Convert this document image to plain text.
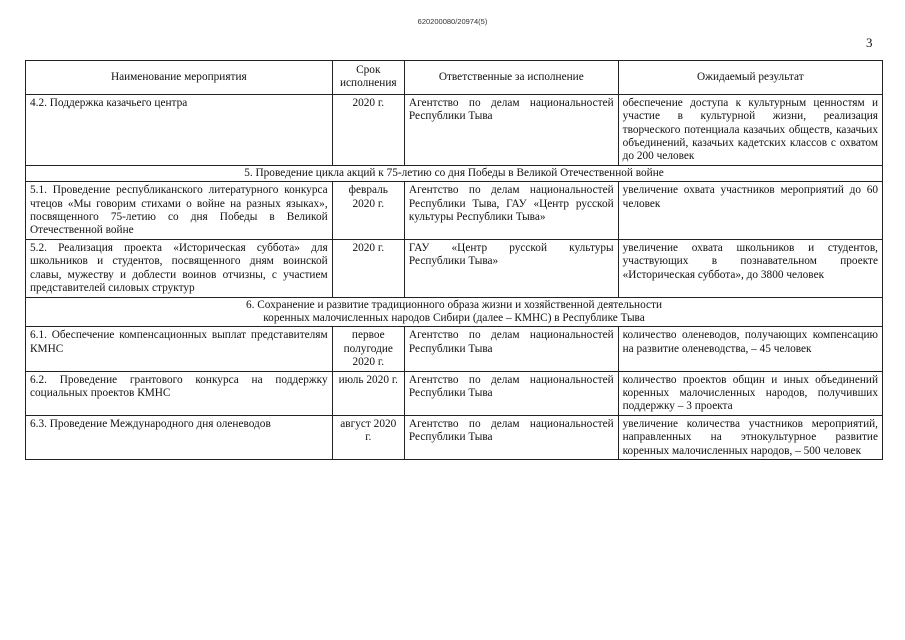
620200080/20974(5)
3
Наименование мероприятия	Срок исполнения	Ответственные за исполнение	Ожидаемый результат
4.2. Поддержка казачьего центра	2020 г.	Агентство по делам национальностей Республики Тыва	обеспечение доступа к культурным ценностям и участие в культурной жизни, реализация творческого потенциала казачьих обществ, казачьих объединений, казачьих кадетских классов с охватом до 200 человек
5. Проведение цикла акций к 75-летию со дня Победы в Великой Отечественной войне			
5.1. Проведение республиканского литературного конкурса чтецов «Мы говорим стихами о войне на разных языках», посвященного 75-летию со дня Победы в Великой Отечественной войне	февраль 2020 г.	Агентство по делам национальностей Республики Тыва, ГАУ «Центр русской культуры Республики Тыва»	увеличение охвата участников мероприятий до 60 человек
5.2. Реализация проекта «Историческая суббота» для школьников и студентов, посвященного дням воинской славы, мужеству и доблести воинов отчизны, с участием представителей силовых структур	2020 г.	ГАУ «Центр русской культуры Республики Тыва»	увеличение охвата школьников и студентов, участвующих в познавательном проекте «Историческая суббота», до 3800 человек

6. Сохранение и развитие традиционного образа жизни и хозяйственной деятельности
коренных малочисленных народов Сибири (далее – КМНС) в Республике Тыва			

6.1. Обеспечение компенсационных выплат представителям КМНС	первое полугодие 2020 г.	Агентство по делам национальностей Республики Тыва	количество оленеводов, получающих компенсацию на развитие оленеводства, – 45 человек
6.2. Проведение грантового конкурса на поддержку социальных проектов КМНС	июль 2020 г.	Агентство по делам национальностей Республики Тыва	количество проектов общин и иных объединений коренных малочисленных народов, получивших поддержку – 3 проекта
6.3. Проведение Международного дня оленеводов	август 2020 г.	Агентство по делам национальностей Республики Тыва	увеличение количества участников мероприятий, направленных на этнокультурное развитие коренных малочисленных народов, – 500 человек
